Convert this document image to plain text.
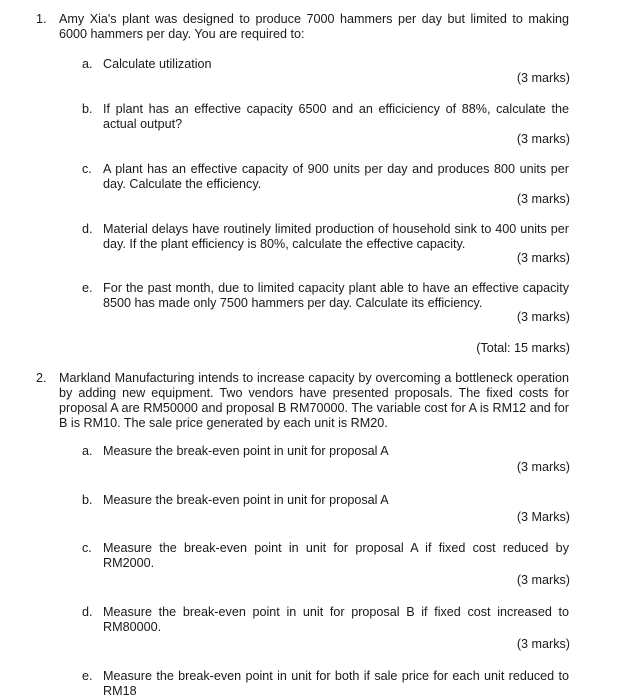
1. Amy Xia's plant was designed to produce 7000 hammers per day but limited to making
6000 hammers per day. You are required to:
a. Calculate utilization
(3 marks)
b. If plant has an effective capacity 6500 and an efficiciency of 88%, calculate the actual output?
(3 marks)
c. A plant has an effective capacity of 900 units per day and produces 800 units per day. Calculate the efficiency.
(3 marks)
d. Material delays have routinely limited production of household sink to 400 units per day. If the plant efficiency is 80%, calculate the effective capacity.
(3 marks)
e. For the past month, due to limited capacity plant able to have an effective capacity 8500 has made only 7500 hammers per day. Calculate its efficiency.
(3 marks)
(Total: 15 marks)
2. Markland Manufacturing intends to increase capacity by overcoming a bottleneck operation by adding new equipment. Two vendors have presented proposals. The fixed costs for proposal A are RM50000 and proposal B RM70000. The variable cost for A is RM12 and for B is RM10. The sale price generated by each unit is RM20.
a. Measure the break-even point in unit for proposal A
(3 marks)
b. Measure the break-even point in unit for proposal A
(3 Marks)
c. Measure the break-even point in unit for proposal A if fixed cost reduced by RM2000.
(3 marks)
d. Measure the break-even point in unit for proposal B if fixed cost increased to RM80000.
(3 marks)
e. Measure the break-even point in unit for both if sale price for each unit reduced to RM18
